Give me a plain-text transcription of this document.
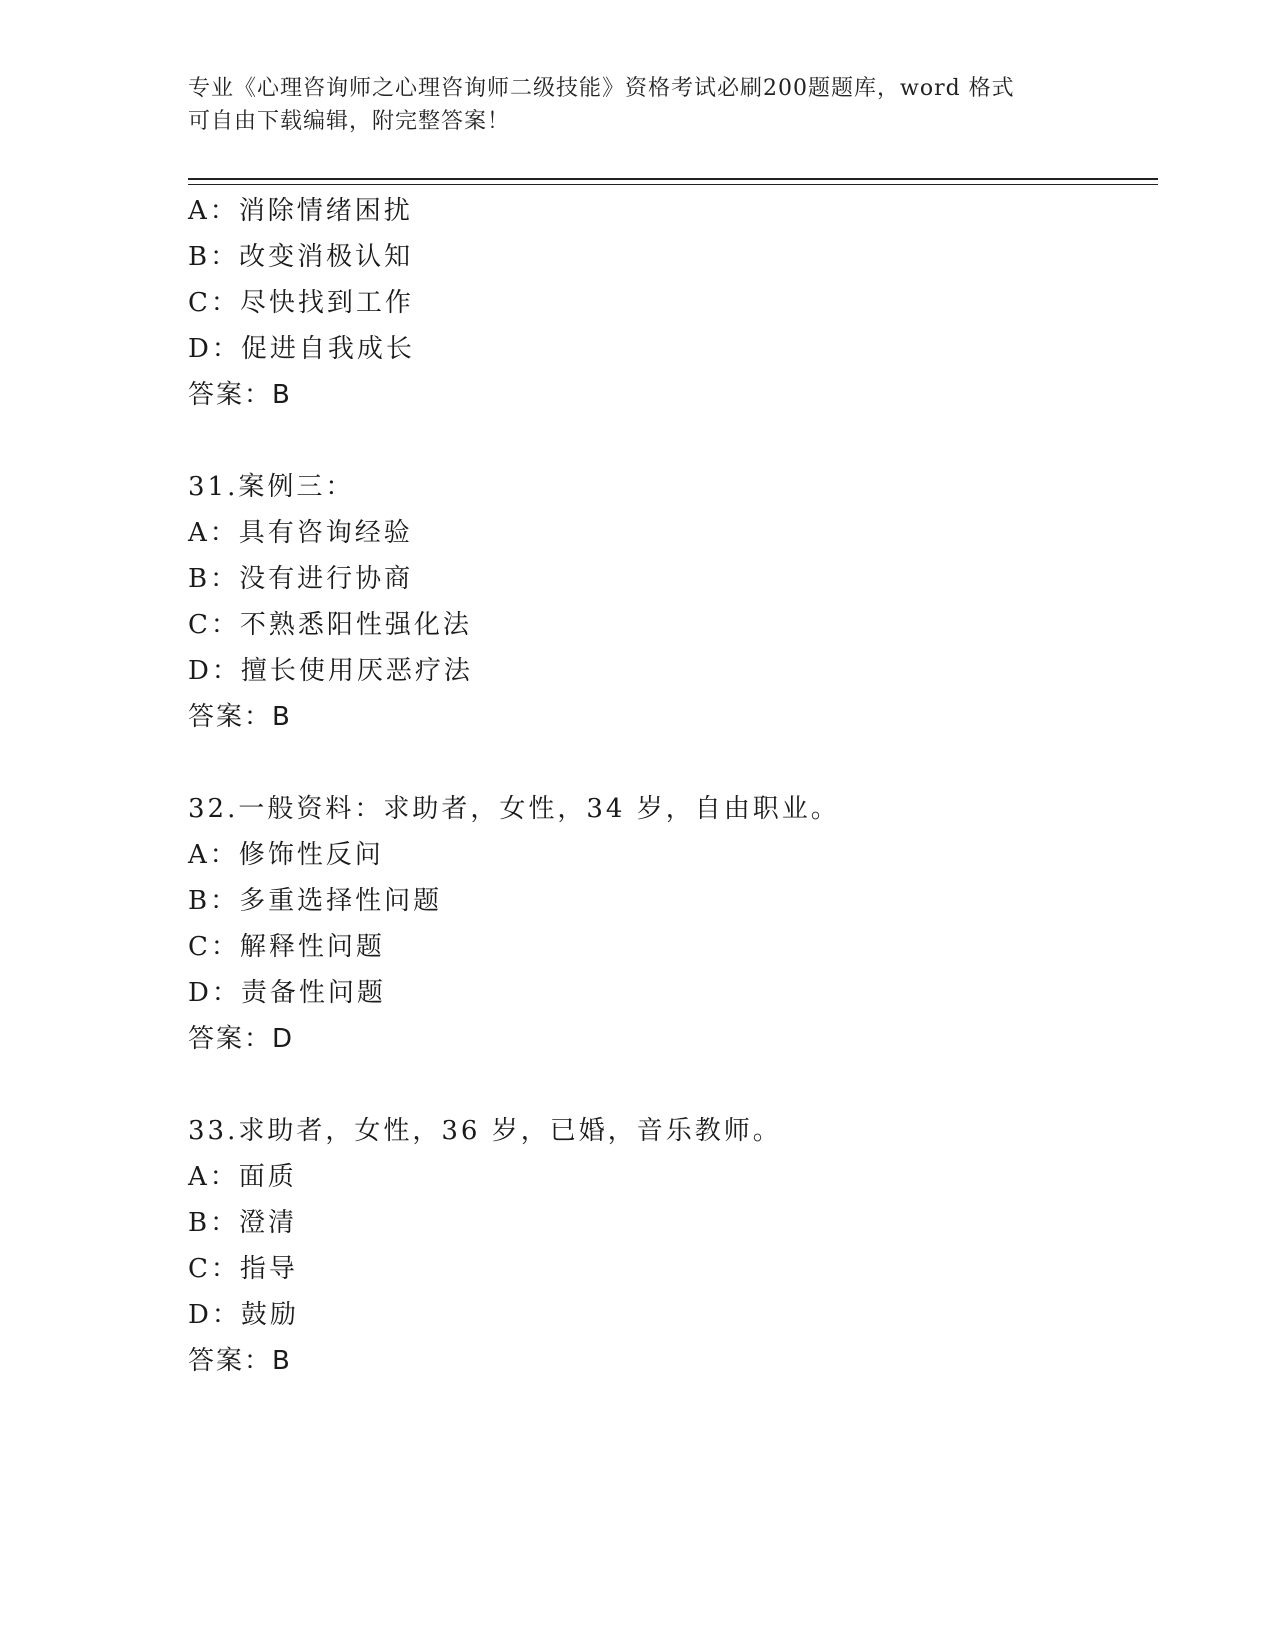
专业《心理咨询师之心理咨询师二级技能》资格考试必刷200题题库，word 格式
可自由下载编辑，附完整答案！
A：消除情绪困扰
B：改变消极认知
C：尽快找到工作
D：促进自我成长
答案：B
31.案例三：
A：具有咨询经验
B：没有进行协商
C：不熟悉阳性强化法
D：擅长使用厌恶疗法
答案：B
32.一般资料：求助者，女性，34 岁，自由职业。
A：修饰性反问
B：多重选择性问题
C：解释性问题
D：责备性问题
答案：D
33.求助者，女性，36 岁，已婚，音乐教师。
A：面质
B：澄清
C：指导
D：鼓励
答案：B
